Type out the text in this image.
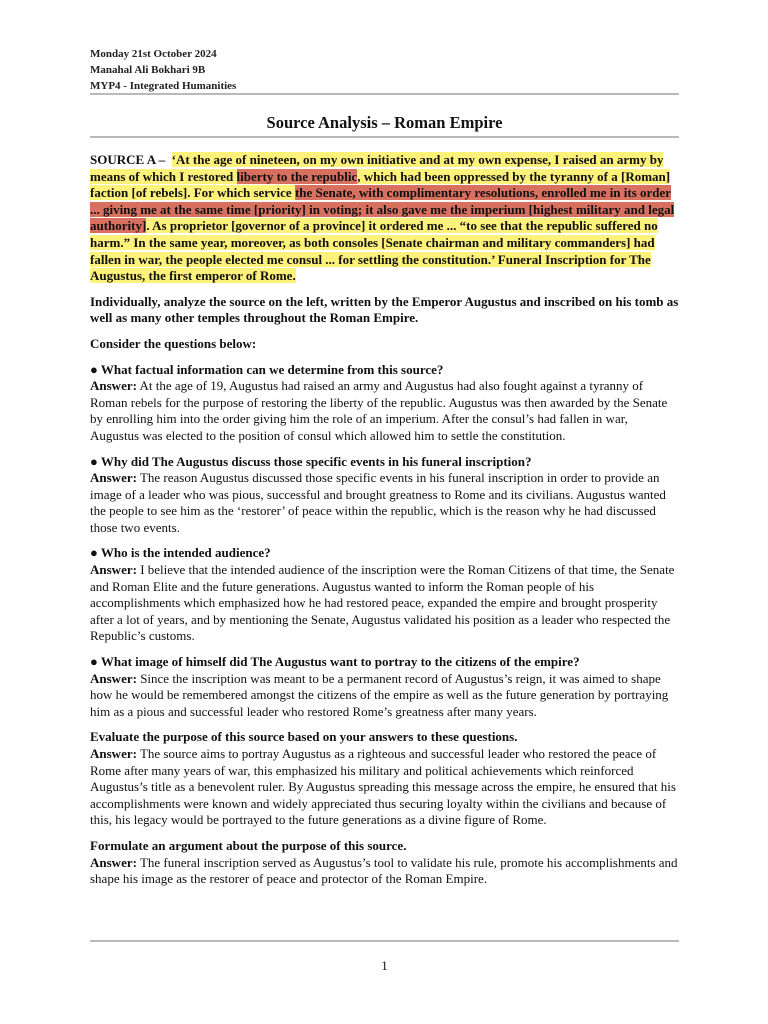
Monday 21st October 2024
Manahal Ali Bokhari 9B
MYP4 - Integrated Humanities
Source Analysis – Roman Empire

SOURCE A – ‘At the age of nineteen, on my own initiative and at my own expense, I raised an army by means of which I restored liberty to the republic, which had been oppressed by the tyranny of a [Roman] faction [of rebels]. For which service the Senate, with complimentary resolutions, enrolled me in its order ... giving me at the same time [priority] in voting; it also gave me the imperium [highest military and legal authority]. As proprietor [governor of a province] it ordered me ... “to see that the republic suffered no harm.” In the same year, moreover, as both consoles [Senate chairman and military commanders] had fallen in war, the people elected me consul ... for settling the constitution.’ Funeral Inscription for The Augustus, the first emperor of Rome.

Individually, analyze the source on the left, written by the Emperor Augustus and inscribed on his tomb as well as many other temples throughout the Roman Empire.

Consider the questions below:

● What factual information can we determine from this source?
Answer: At the age of 19, Augustus had raised an army and Augustus had also fought against a tyranny of Roman rebels for the purpose of restoring the liberty of the republic. Augustus was then awarded by the Senate by enrolling him into the order giving him the role of an imperium. After the consul’s had fallen in war, Augustus was elected to the position of consul which allowed him to settle the constitution.

● Why did The Augustus discuss those specific events in his funeral inscription?
Answer: The reason Augustus discussed those specific events in his funeral inscription in order to provide an image of a leader who was pious, successful and brought greatness to Rome and its civilians. Augustus wanted the people to see him as the ‘restorer’ of peace within the republic, which is the reason why he had discussed those two events.

● Who is the intended audience?
Answer: I believe that the intended audience of the inscription were the Roman Citizens of that time, the Senate and Roman Elite and the future generations. Augustus wanted to inform the Roman people of his accomplishments which emphasized how he had restored peace, expanded the empire and brought prosperity after a lot of years, and by mentioning the Senate, Augustus validated his position as a leader who respected the Republic’s customs.

● What image of himself did The Augustus want to portray to the citizens of the empire?
Answer: Since the inscription was meant to be a permanent record of Augustus’s reign, it was aimed to shape how he would be remembered amongst the citizens of the empire as well as the future generation by portraying him as a pious and successful leader who restored Rome’s greatness after many years.

Evaluate the purpose of this source based on your answers to these questions.
Answer: The source aims to portray Augustus as a righteous and successful leader who restored the peace of Rome after many years of war, this emphasized his military and political achievements which reinforced Augustus’s title as a benevolent ruler. By Augustus spreading this message across the empire, he ensured that his accomplishments were known and widely appreciated thus securing loyalty within the civilians and because of this, his legacy would be portrayed to the future generations as a divine figure of Rome.

Formulate an argument about the purpose of this source.
Answer: The funeral inscription served as Augustus’s tool to validate his rule, promote his accomplishments and shape his image as the restorer of peace and protector of the Roman Empire.

1
